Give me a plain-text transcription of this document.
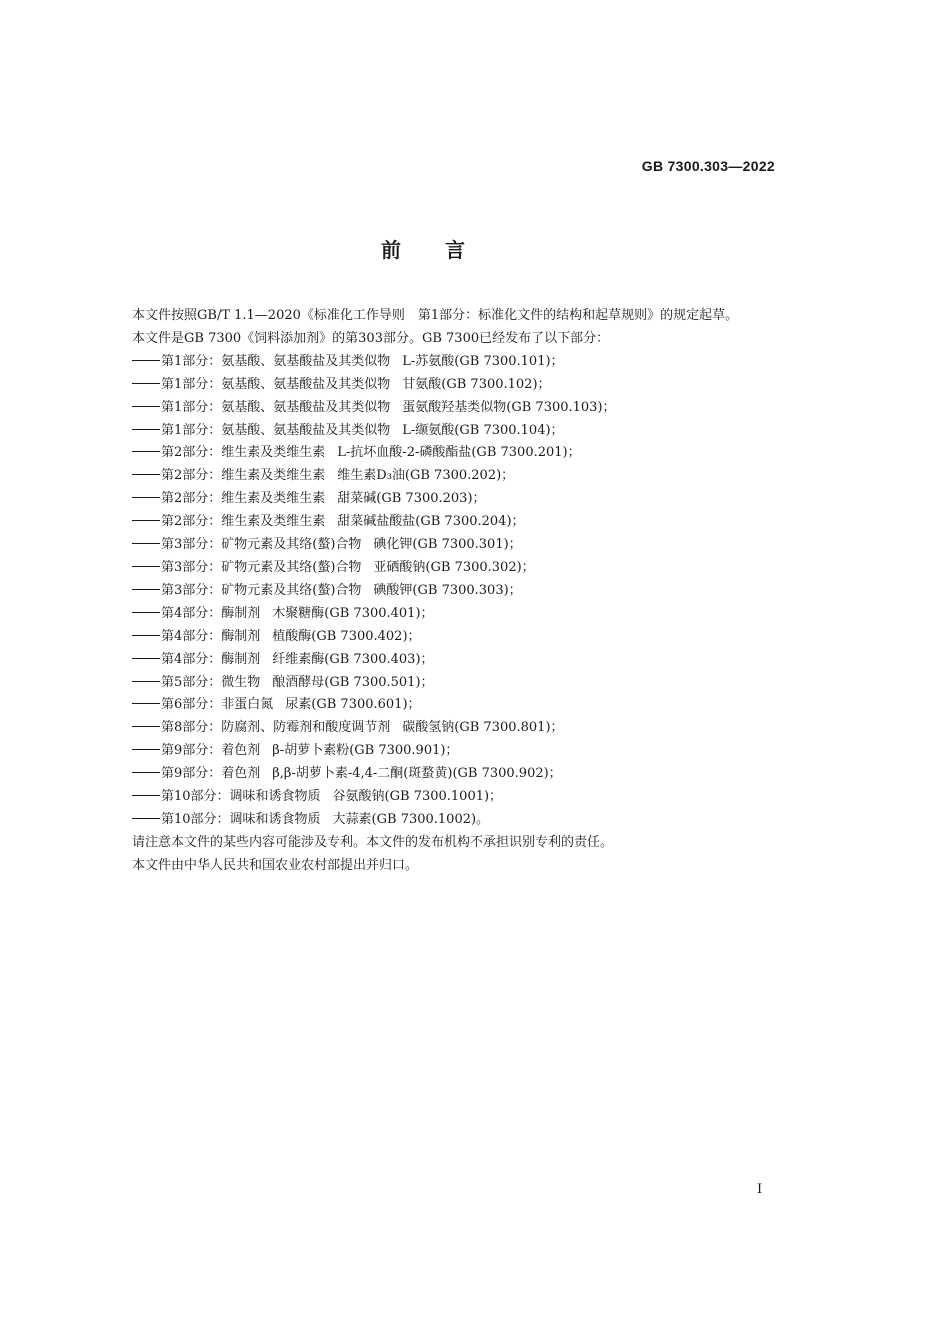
GB 7300.303—2022
前言

本文件按照GB/T 1.1—2020《标准化工作导则　第1部分：标准化文件的结构和起草规则》的规定起草。

本文件是GB 7300《饲料添加剂》的第303部分。GB 7300已经发布了以下部分：

第1部分：氨基酸、氨基酸盐及其类似物 L-苏氨酸(GB 7300.101)；
第1部分：氨基酸、氨基酸盐及其类似物 甘氨酸(GB 7300.102)；
第1部分：氨基酸、氨基酸盐及其类似物 蛋氨酸羟基类似物(GB 7300.103)；
第1部分：氨基酸、氨基酸盐及其类似物 L-缬氨酸(GB 7300.104)；
第2部分：维生素及类维生素 L-抗坏血酸-2-磷酸酯盐(GB 7300.201)；
第2部分：维生素及类维生素 维生素D₃油(GB 7300.202)；
第2部分：维生素及类维生素 甜菜碱(GB 7300.203)；
第2部分：维生素及类维生素 甜菜碱盐酸盐(GB 7300.204)；
第3部分：矿物元素及其络(螯)合物 碘化钾(GB 7300.301)；
第3部分：矿物元素及其络(螯)合物 亚硒酸钠(GB 7300.302)；
第3部分：矿物元素及其络(螯)合物 碘酸钾(GB 7300.303)；
第4部分：酶制剂 木聚糖酶(GB 7300.401)；
第4部分：酶制剂 植酸酶(GB 7300.402)；
第4部分：酶制剂 纤维素酶(GB 7300.403)；
第5部分：微生物 酿酒酵母(GB 7300.501)；
第6部分：非蛋白氮 尿素(GB 7300.601)；
第8部分：防腐剂、防霉剂和酸度调节剂 碳酸氢钠(GB 7300.801)；
第9部分：着色剂 β-胡萝卜素粉(GB 7300.901)；
第9部分：着色剂 β,β-胡萝卜素-4,4-二酮(斑蝥黄)(GB 7300.902)；
第10部分：调味和诱食物质 谷氨酸钠(GB 7300.1001)；
第10部分：调味和诱食物质 大蒜素(GB 7300.1002)。

请注意本文件的某些内容可能涉及专利。本文件的发布机构不承担识别专利的责任。

本文件由中华人民共和国农业农村部提出并归口。

I
